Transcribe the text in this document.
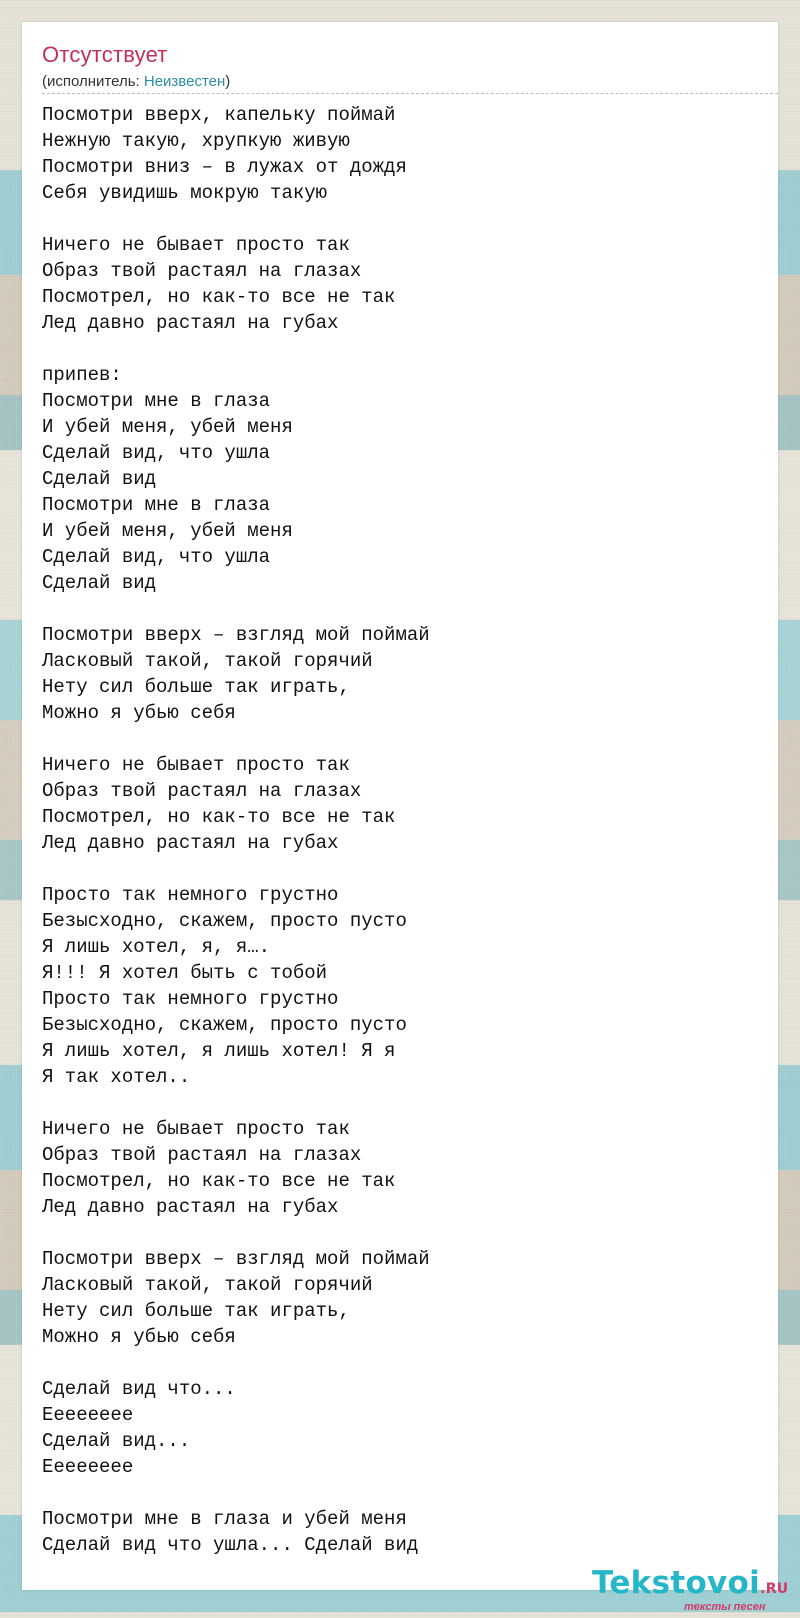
Отсутствует
(исполнитель: Неизвестен)
Посмотри вверх, капельку поймай
Нежную такую, хрупкую живую
Посмотри вниз – в лужах от дождя
Себя увидишь мокрую такую

Ничего не бывает просто так
Образ твой растаял на глазах
Посмотрел, но как-то все не так
Лед давно растаял на губах

припев:
Посмотри мне в глаза
И убей меня, убей меня
Сделай вид, что ушла
Сделай вид
Посмотри мне в глаза
И убей меня, убей меня
Сделай вид, что ушла
Сделай вид

Посмотри вверх – взгляд мой поймай
Ласковый такой, такой горячий
Нету сил больше так играть,
Можно я убью себя

Ничего не бывает просто так
Образ твой растаял на глазах
Посмотрел, но как-то все не так
Лед давно растаял на губах

Просто так немного грустно
Безысходно, скажем, просто пусто
Я лишь хотел, я, я….
Я!!! Я хотел быть с тобой
Просто так немного грустно
Безысходно, скажем, просто пусто
Я лишь хотел, я лишь хотел! Я я
Я так хотел..

Ничего не бывает просто так
Образ твой растаял на глазах
Посмотрел, но как-то все не так
Лед давно растаял на губах

Посмотри вверх – взгляд мой поймай
Ласковый такой, такой горячий
Нету сил больше так играть,
Можно я убью себя

Сделай вид что...
Еееееееe
Сделай вид...
Еееееееe

Посмотри мне в глаза и убей меня
Сделай вид что ушла... Сделай вид
Tekstovoi.RU
тексты песен
